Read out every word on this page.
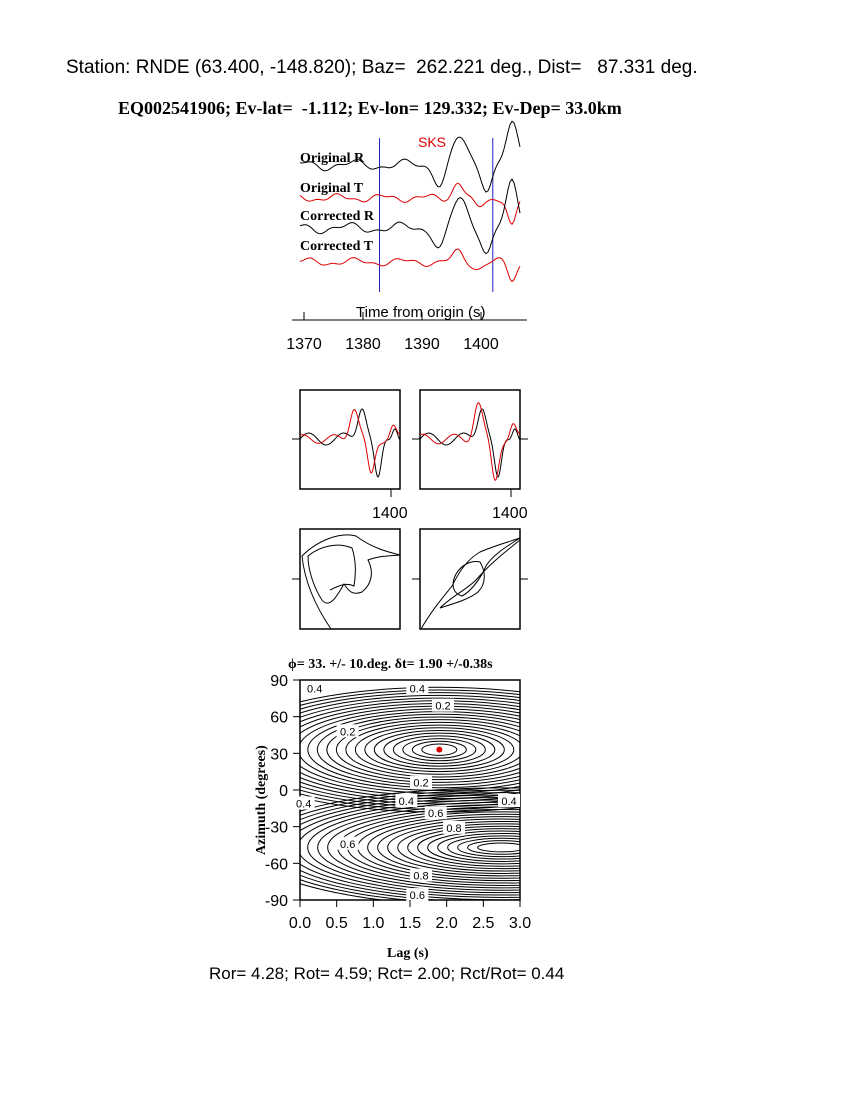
Station: RNDE (63.400, -148.820); Baz=  262.221 deg., Dist=   87.331 deg.
EQ002541906; Ev-lat=  -1.112; Ev-lon= 129.332; Ev-Dep= 33.0km
SKS
Original R
Original T
Corrected R
Corrected T
Time from origin (s)
1370 1380 1390 1400
1400	1400
ϕ= 33. +/- 10.deg. δt= 1.90 +/-0.38s
0.4	0.4
0.2
0.2
0.2
0.4
0.6
0.8
0.4
0.4
0.6
0.8
0.6
0.0 0.5 1.0 1.5 2.0 2.5 3.0
90
60
30
0
-30
-60
-90
Lag (s)
Azimuth (degrees)
Ror= 4.28; Rot= 4.59; Rct= 2.00; Rct/Rot= 0.44
